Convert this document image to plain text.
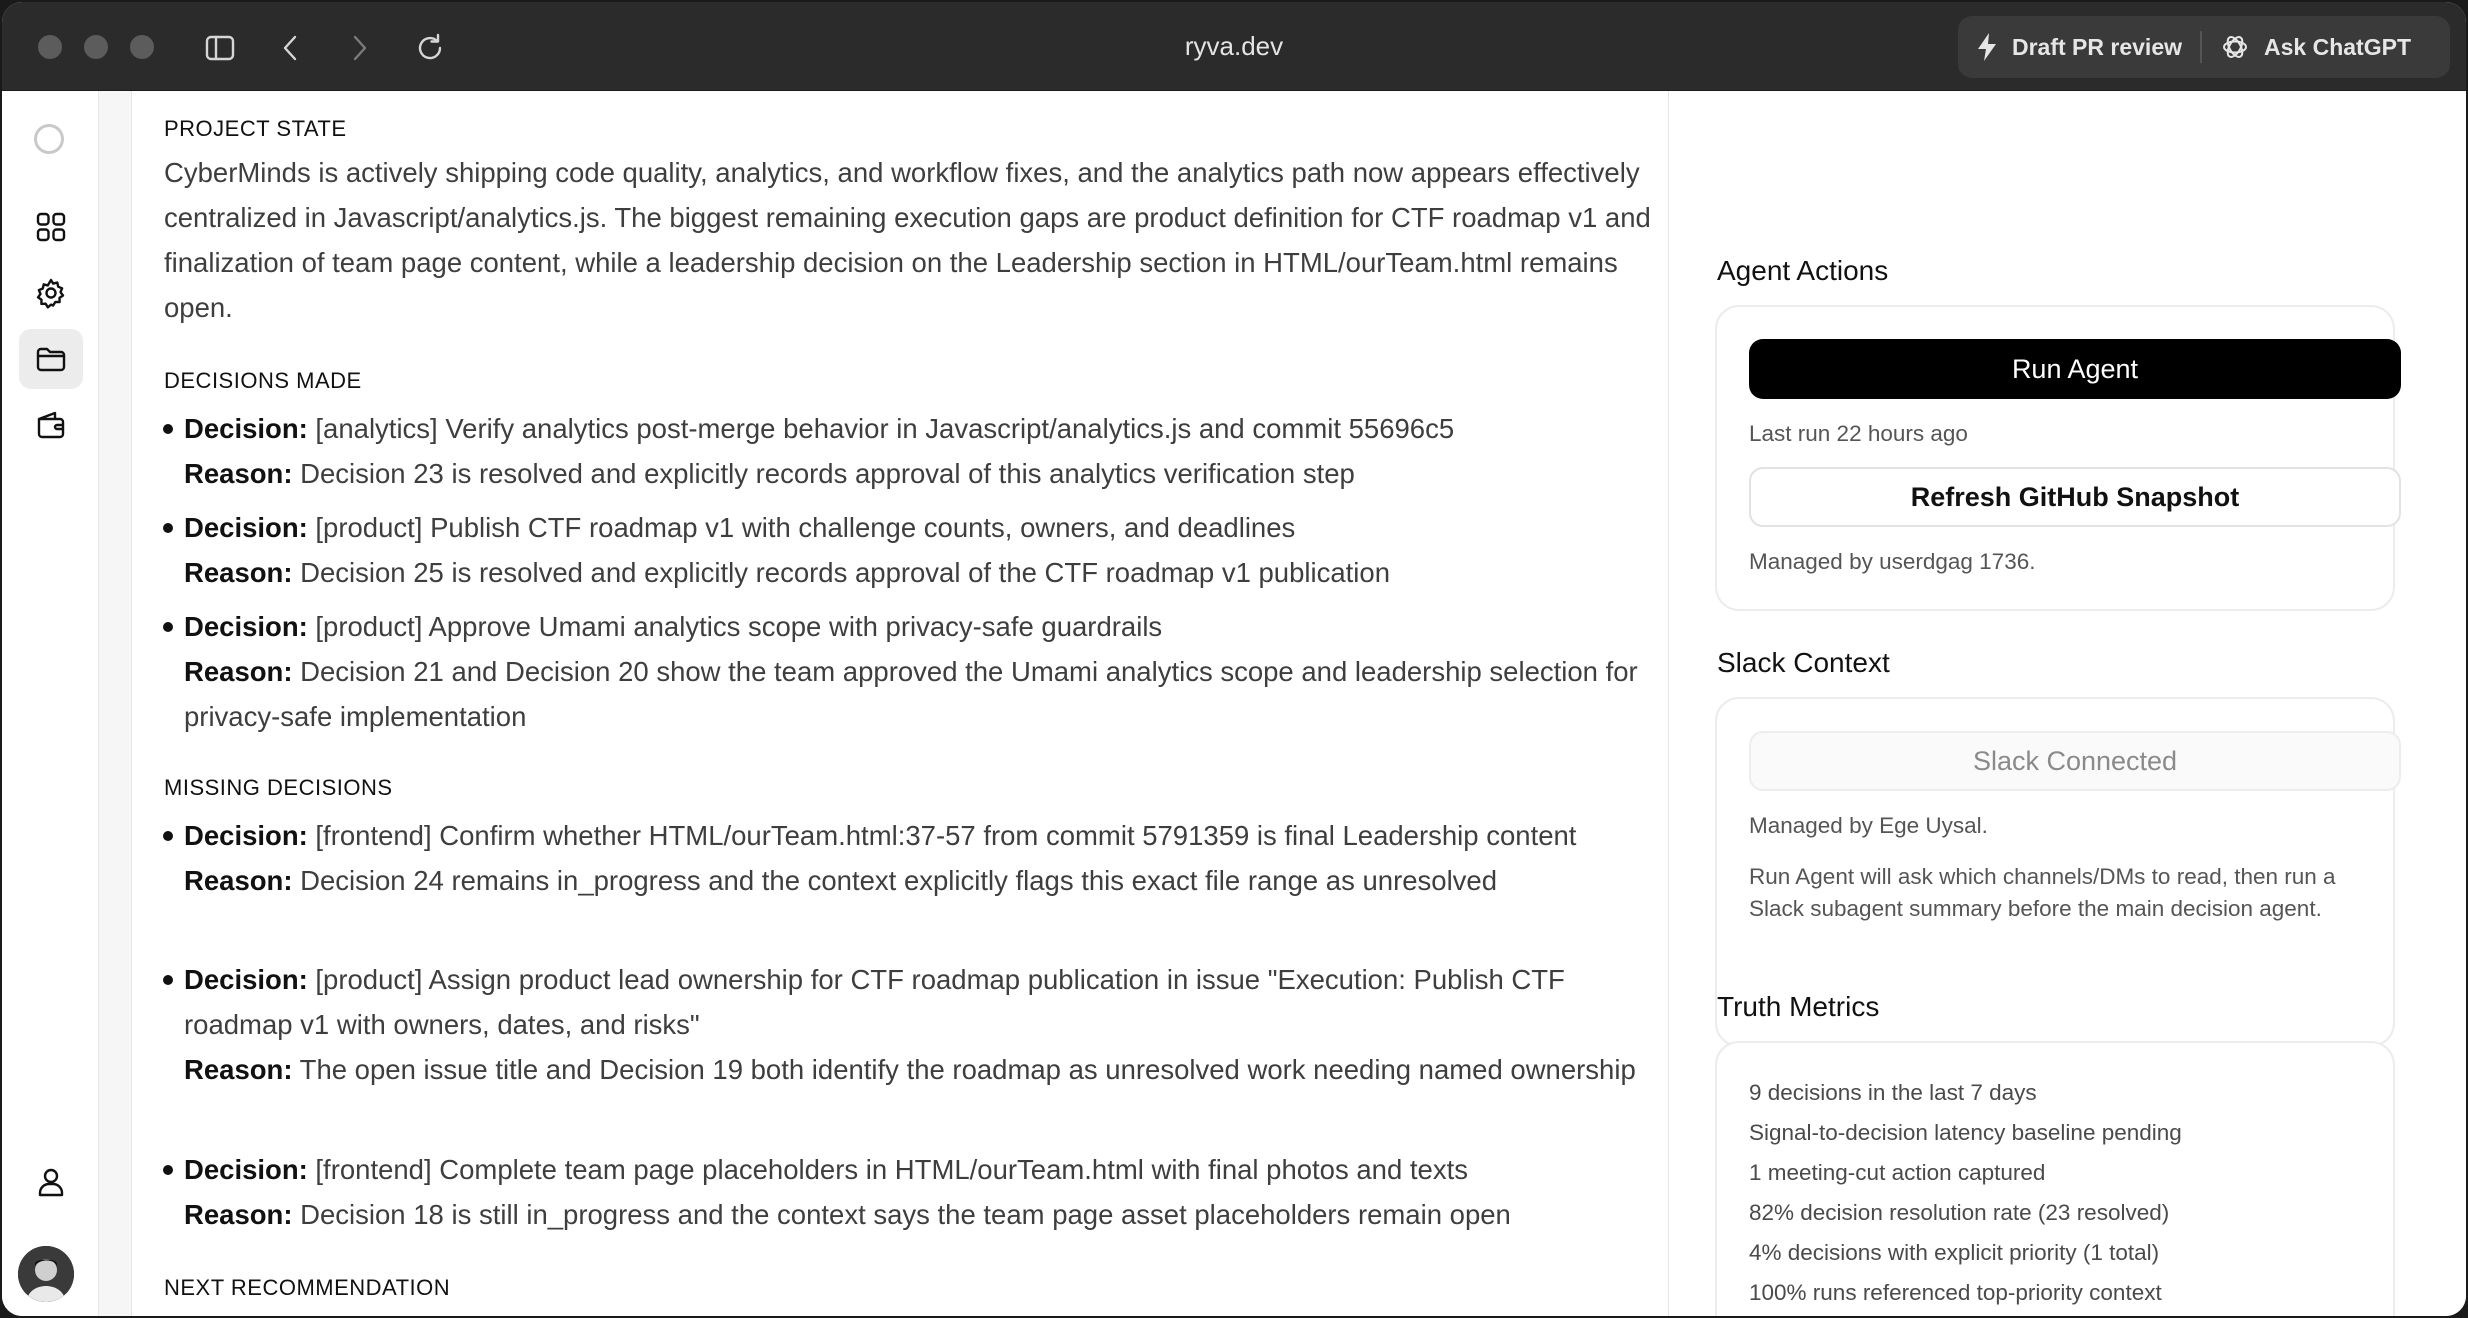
ryva.dev	Draft PR review	Ask ChatGPT
PROJECT STATE
CyberMinds is actively shipping code quality, analytics, and workflow fixes, and the analytics path now appears effectively centralized in Javascript/analytics.js. The biggest remaining execution gaps are product definition for CTF roadmap v1 and finalization of team page content, while a leadership decision on the Leadership section in HTML/ourTeam.html remains open.
DECISIONS MADE
Decision: [analytics] Verify analytics post-merge behavior in Javascript/analytics.js and commit 55696c5
Reason: Decision 23 is resolved and explicitly records approval of this analytics verification step
Decision: [product] Publish CTF roadmap v1 with challenge counts, owners, and deadlines
Reason: Decision 25 is resolved and explicitly records approval of the CTF roadmap v1 publication
Decision: [product] Approve Umami analytics scope with privacy-safe guardrails
Reason: Decision 21 and Decision 20 show the team approved the Umami analytics scope and leadership selection for privacy-safe implementation
MISSING DECISIONS
Decision: [frontend] Confirm whether HTML/ourTeam.html:37-57 from commit 5791359 is final Leadership content
Reason: Decision 24 remains in_progress and the context explicitly flags this exact file range as unresolved
Decision: [product] Assign product lead ownership for CTF roadmap publication in issue "Execution: Publish CTF roadmap v1 with owners, dates, and risks"
Reason: The open issue title and Decision 19 both identify the roadmap as unresolved work needing named ownership
Decision: [frontend] Complete team page placeholders in HTML/ourTeam.html with final photos and texts
Reason: Decision 18 is still in_progress and the context says the team page asset placeholders remain open
NEXT RECOMMENDATION
Agent Actions
Run Agent
Last run 22 hours ago
Refresh GitHub Snapshot
Managed by userdgag 1736.
Slack Context
Slack Connected
Managed by Ege Uysal.
Run Agent will ask which channels/DMs to read, then run a Slack subagent summary before the main decision agent.
Truth Metrics
9 decisions in the last 7 days
Signal-to-decision latency baseline pending
1 meeting-cut action captured
82% decision resolution rate (23 resolved)
4% decisions with explicit priority (1 total)
100% runs referenced top-priority context
